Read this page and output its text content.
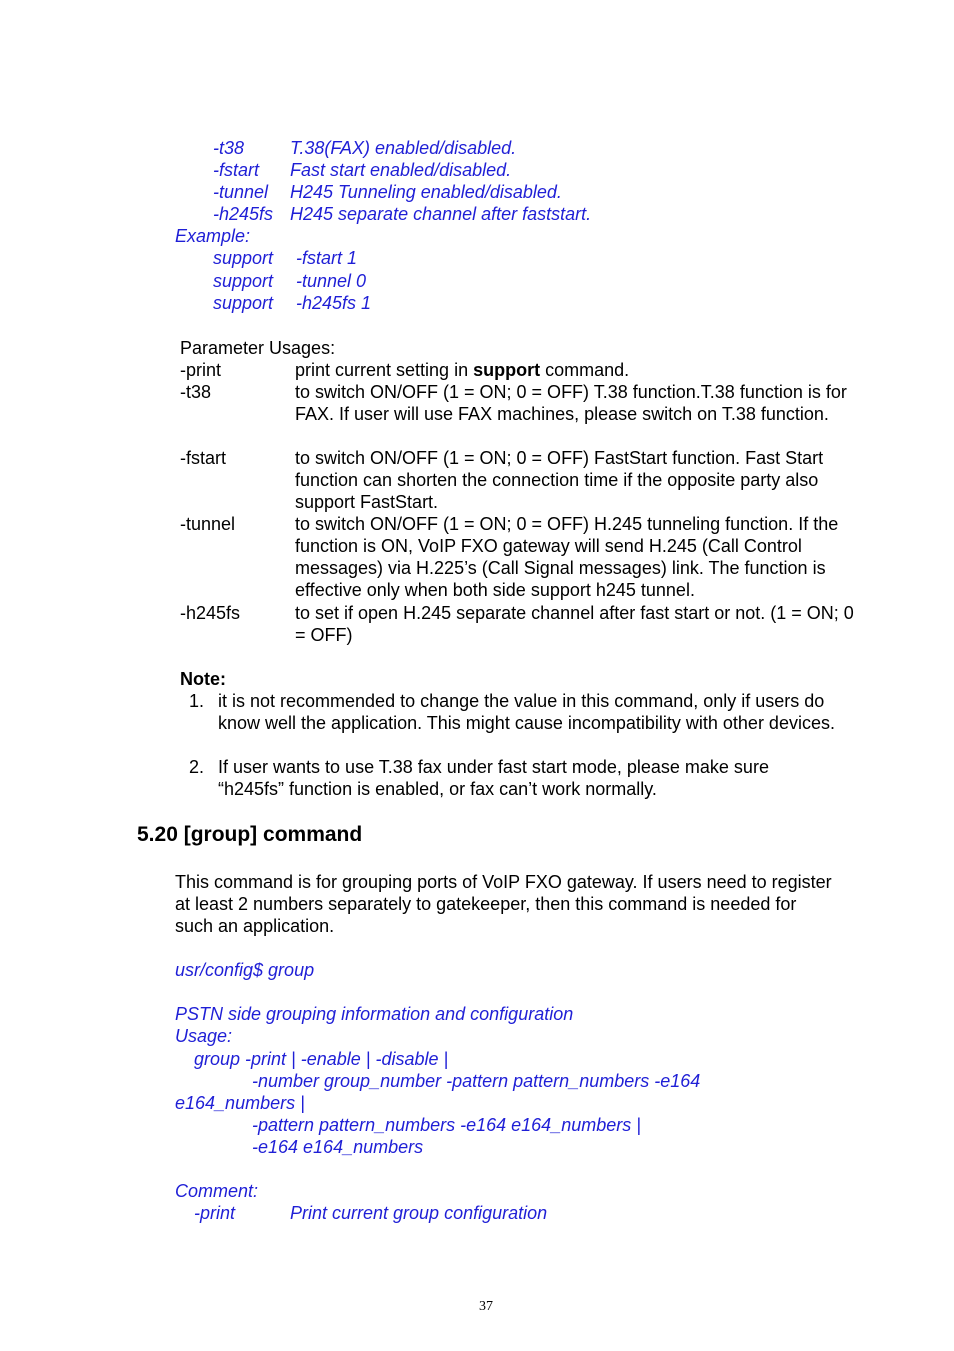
-t38	T.38(FAX) enabled/disabled.
-fstart Fast start enabled/disabled.
-tunnel H245 Tunneling enabled/disabled.
-h245fs H245 separate channel after faststart.
Example:
support -fstart 1
support -tunnel 0
support -h245fs 1
Parameter Usages:
-print	print current setting in support command.
-t38	to switch ON/OFF (1 = ON; 0 = OFF) T.38 function.T.38 function is for FAX. If user will use FAX machines, please switch on T.38 function.
-fstart	to switch ON/OFF (1 = ON; 0 = OFF) FastStart function. Fast Start function can shorten the connection time if the opposite party also support FastStart.
-tunnel	to switch ON/OFF (1 = ON; 0 = OFF) H.245 tunneling function. If the function is ON, VoIP FXO gateway will send H.245 (Call Control messages) via H.225’s (Call Signal messages) link. The function is effective only when both side support h245 tunnel.
-h245fs	to set if open H.245 separate channel after fast start or not. (1 = ON; 0 = OFF)
Note:
1. it is not recommended to change the value in this command, only if users do know well the application. This might cause incompatibility with other devices.
2. If user wants to use T.38 fax under fast start mode, please make sure “h245fs” function is enabled, or fax can’t work normally.
5.20 [group] command
This command is for grouping ports of VoIP FXO gateway. If users need to register at least 2 numbers separately to gatekeeper, then this command is needed for such an application.
usr/config$ group
PSTN side grouping information and configuration
Usage:
group -print | -enable | -disable |
-number group_number -pattern pattern_numbers -e164
e164_numbers |
-pattern pattern_numbers -e164 e164_numbers |
-e164 e164_numbers
Comment:
-print	Print current group configuration
37
